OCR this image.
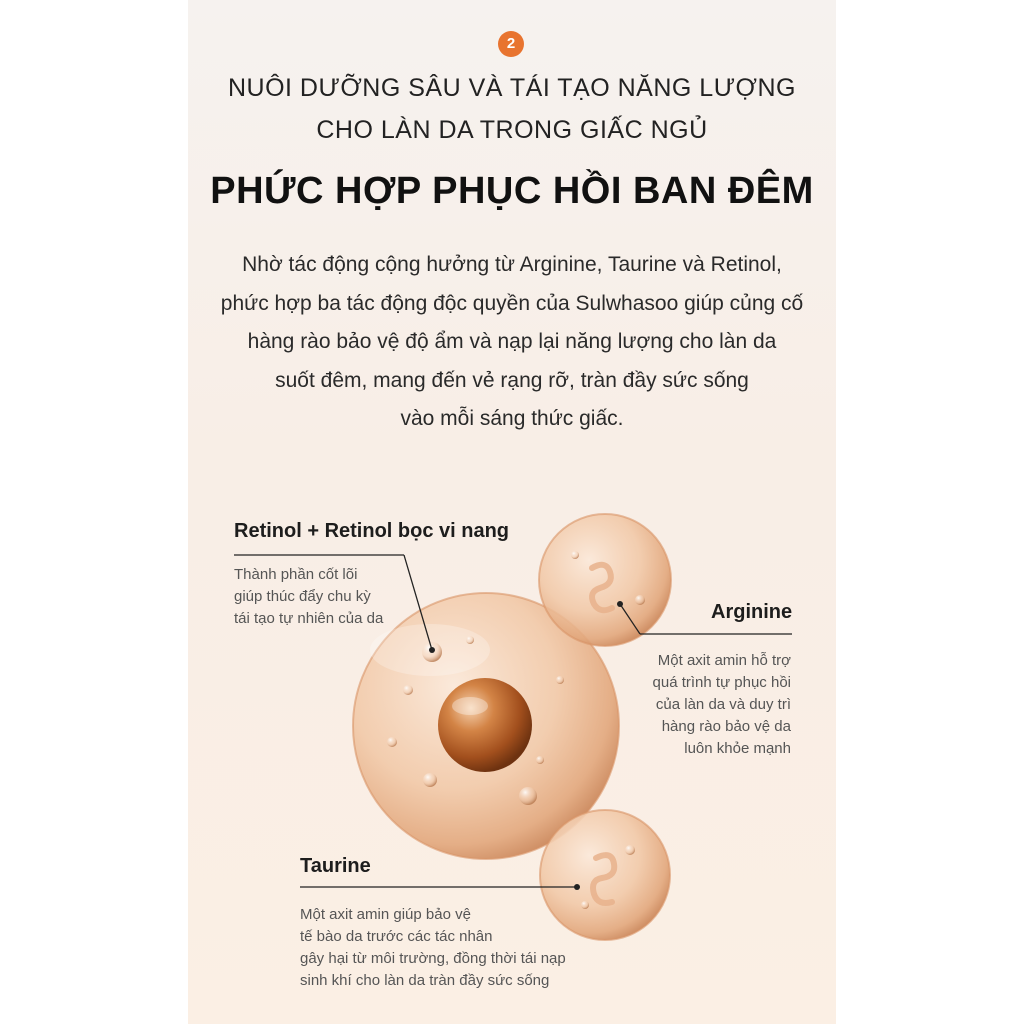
2
NUÔI DƯỠNG SÂU VÀ TÁI TẠO NĂNG LƯỢNG
CHO LÀN DA TRONG GIẤC NGỦ
PHỨC HỢP PHỤC HỒI BAN ĐÊM
Nhờ tác động cộng hưởng từ Arginine, Taurine và Retinol,
phức hợp ba tác động độc quyền của Sulwhasoo giúp củng cố
hàng rào bảo vệ độ ẩm và nạp lại năng lượng cho làn da
suốt đêm, mang đến vẻ rạng rỡ, tràn đầy sức sống
vào mỗi sáng thức giấc.
Retinol + Retinol bọc vi nang
Thành phần cốt lõi
giúp thúc đẩy chu kỳ
tái tạo tự nhiên của da	Arginine
Một axit amin hỗ trợ
quá trình tự phục hồi
của làn da và duy trì
hàng rào bảo vệ da
luôn khỏe mạnh
Taurine
Một axit amin giúp bảo vệ
tế bào da trước các tác nhân
gây hại từ môi trường, đồng thời tái nạp
sinh khí cho làn da tràn đầy sức sống
